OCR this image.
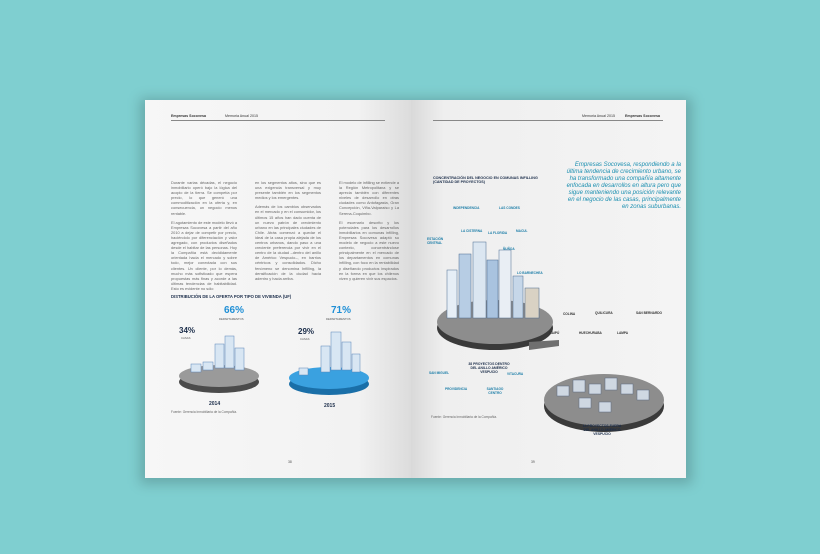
Empresas Socovesa	Memoria Anual 2015

Durante varias décadas, el negocio inmobiliario operó bajo la lógica del acopio de la tierra. Se competía por precio, lo que generó una commoditización en la oferta y, en consecuencia, un negocio menos rentable.

El agotamiento de este modelo llevó a Empresas Socovesa a partir del año 2010 a dejar de competir por precio, haciéndolo por diferenciación y valor agregado, con productos diseñados desde el habitar de las personas. Hoy la Compañía está decididamente orientada hacia el mercado y sobre todo, mejor conectada con sus clientes. Un cliente, por lo demás, mucho más sofisticado que espera propuestas más finas y acorde a las últimas tendencias de habitabilidad. Esto es evidente no sólo

en los segmentos altos, sino que es una exigencia transversal y muy presente también en los segmentos medios y los emergentes.

Además de los cambios observados en el mercado y en el consumidor, los últimos 15 años han dado cuenta de un nuevo patrón de crecimiento urbano en las principales ciudades de Chile. Atrás comenzó a quedar el ideal de la casa propia alejada de los centros urbanos, dando paso a una creciente preferencia por vivir en el centro de la ciudad –dentro del anillo de Américo Vespucio–, en barrios céntricos y consolidados. Dicho fenómeno se denomina Infilling, la densificación de la ciudad hacia adentro y hacia arriba.

El modelo de infilling se extiende a la Región Metropolitana y se aprecia también con diferentes niveles de desarrollo en otras ciudades como Antofagasta, Gran Concepción, Viña-Valparaíso y La Serena-Coquimbo.

El escenario descrito y los potenciales para los desarrollos inmobiliarios en comunas infilling, Empresas Socovesa adaptó su modelo de negocio a este nuevo contexto, concentrándose principalmente en el mercado de los departamentos en comunas infilling, con foco en la rentabilidad y diseñando productos inspirados en la forma en que los chilenos viven y quieren vivir sus espacios.

DISTRIBUCIÓN DE LA OFERTA POR TIPO DE VIVIENDA (UF)
34%
CASAS
66%
DEPARTAMENTOS
2014
29%
CASAS
71%
DEPARTAMENTOS
2015
Fuente: Gerencia Inmobiliaria de la Compañía.
38
Memoria Anual 2015	Empresas Socovesa
CONCENTRACIÓN DEL NEGOCIO EN COMUNAS INFILLING (CANTIDAD DE PROYECTOS)
Empresas Socovesa, respondiendo a la última tendencia de crecimiento urbano, se ha transformado una compañía altamente enfocada en desarrollos en altura pero que sigue manteniendo una posición relevante en el negocio de las casas, principalmente en zonas suburbanas.
ESTACIÓN CENTRAL
INDEPENDENCIA
LA CISTERNA
LAS CONDES
LA FLORIDA	MACUL
ÑUÑOA
LO BARNECHEA
SAN MIGUEL
PROVIDENCIA	SANTIAGO CENTRO
VITACURA
COLINA	QUILICURA	SAN BERNARDO
MAIPÚ	HUECHURABA	LAMPA
38 PROYECTOS DENTRO DEL ANILLO AMÉRICO VESPUCIO
14 PROYECTOS FUERA DEL ANILLO AMÉRICO VESPUCIO
Fuente: Gerencia Inmobiliaria de la Compañía.
39
